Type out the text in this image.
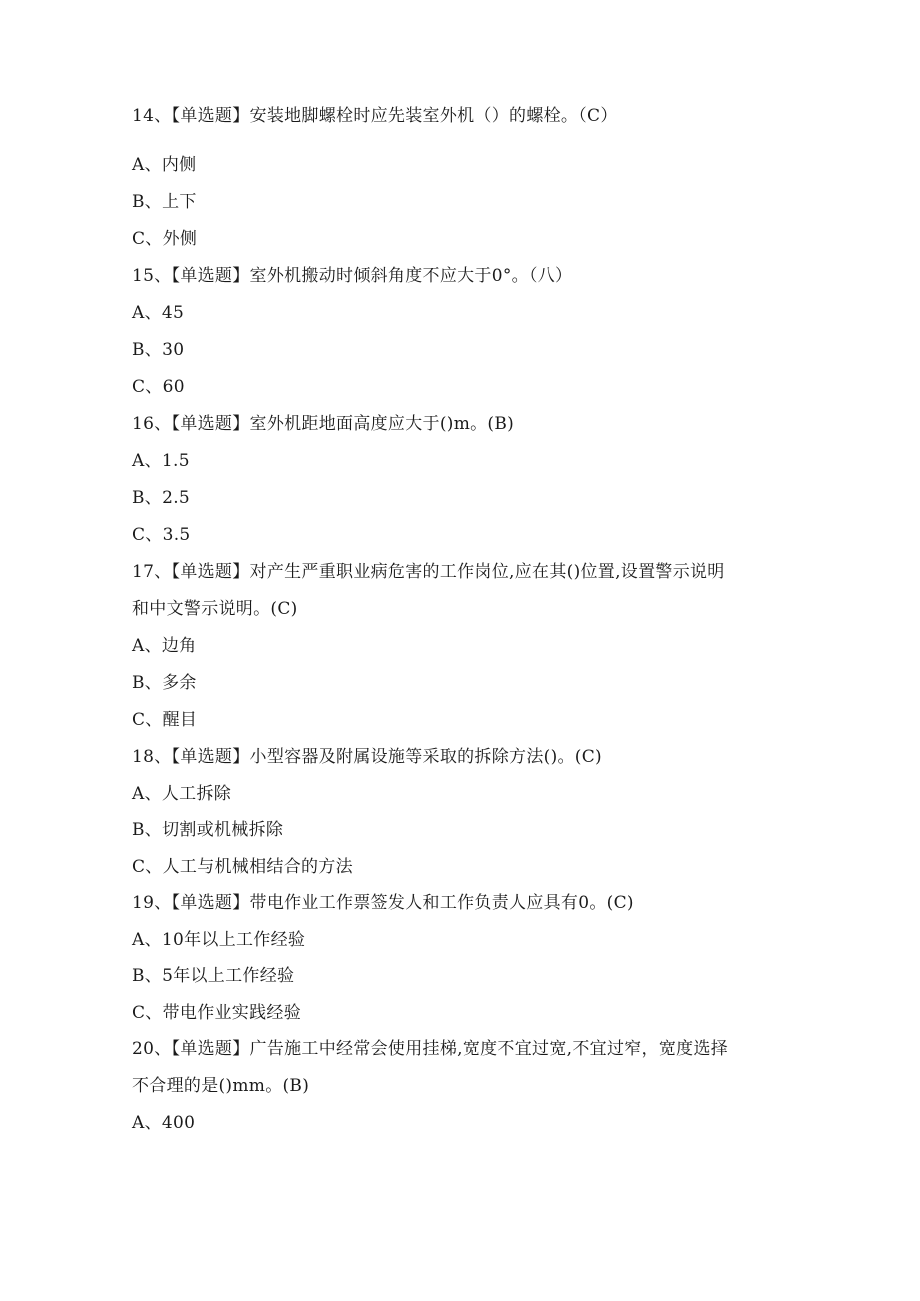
14、【单选题】安装地脚螺栓时应先装室外机（）的螺栓。（C）
A、内侧
B、上下
C、外侧
15、【单选题】室外机搬动时倾斜角度不应大于0°。（八）
A、45
B、30
C、60
16、【单选题】室外机距地面高度应大于()m。(B)
A、1.5
B、2.5
C、3.5
17、【单选题】对产生严重职业病危害的工作岗位,应在其()位置,设置警示说明
和中文警示说明。(C)
A、边角
B、多余
C、醒目
18、【单选题】小型容器及附属设施等采取的拆除方法()。(C)
A、人工拆除
B、切割或机械拆除
C、人工与机械相结合的方法
19、【单选题】带电作业工作票签发人和工作负责人应具有0。(C)
A、10年以上工作经验
B、5年以上工作经验
C、带电作业实践经验
20、【单选题】广告施工中经常会使用挂梯,宽度不宜过宽,不宜过窄，宽度选择
不合理的是()mm。(B)
A、400
